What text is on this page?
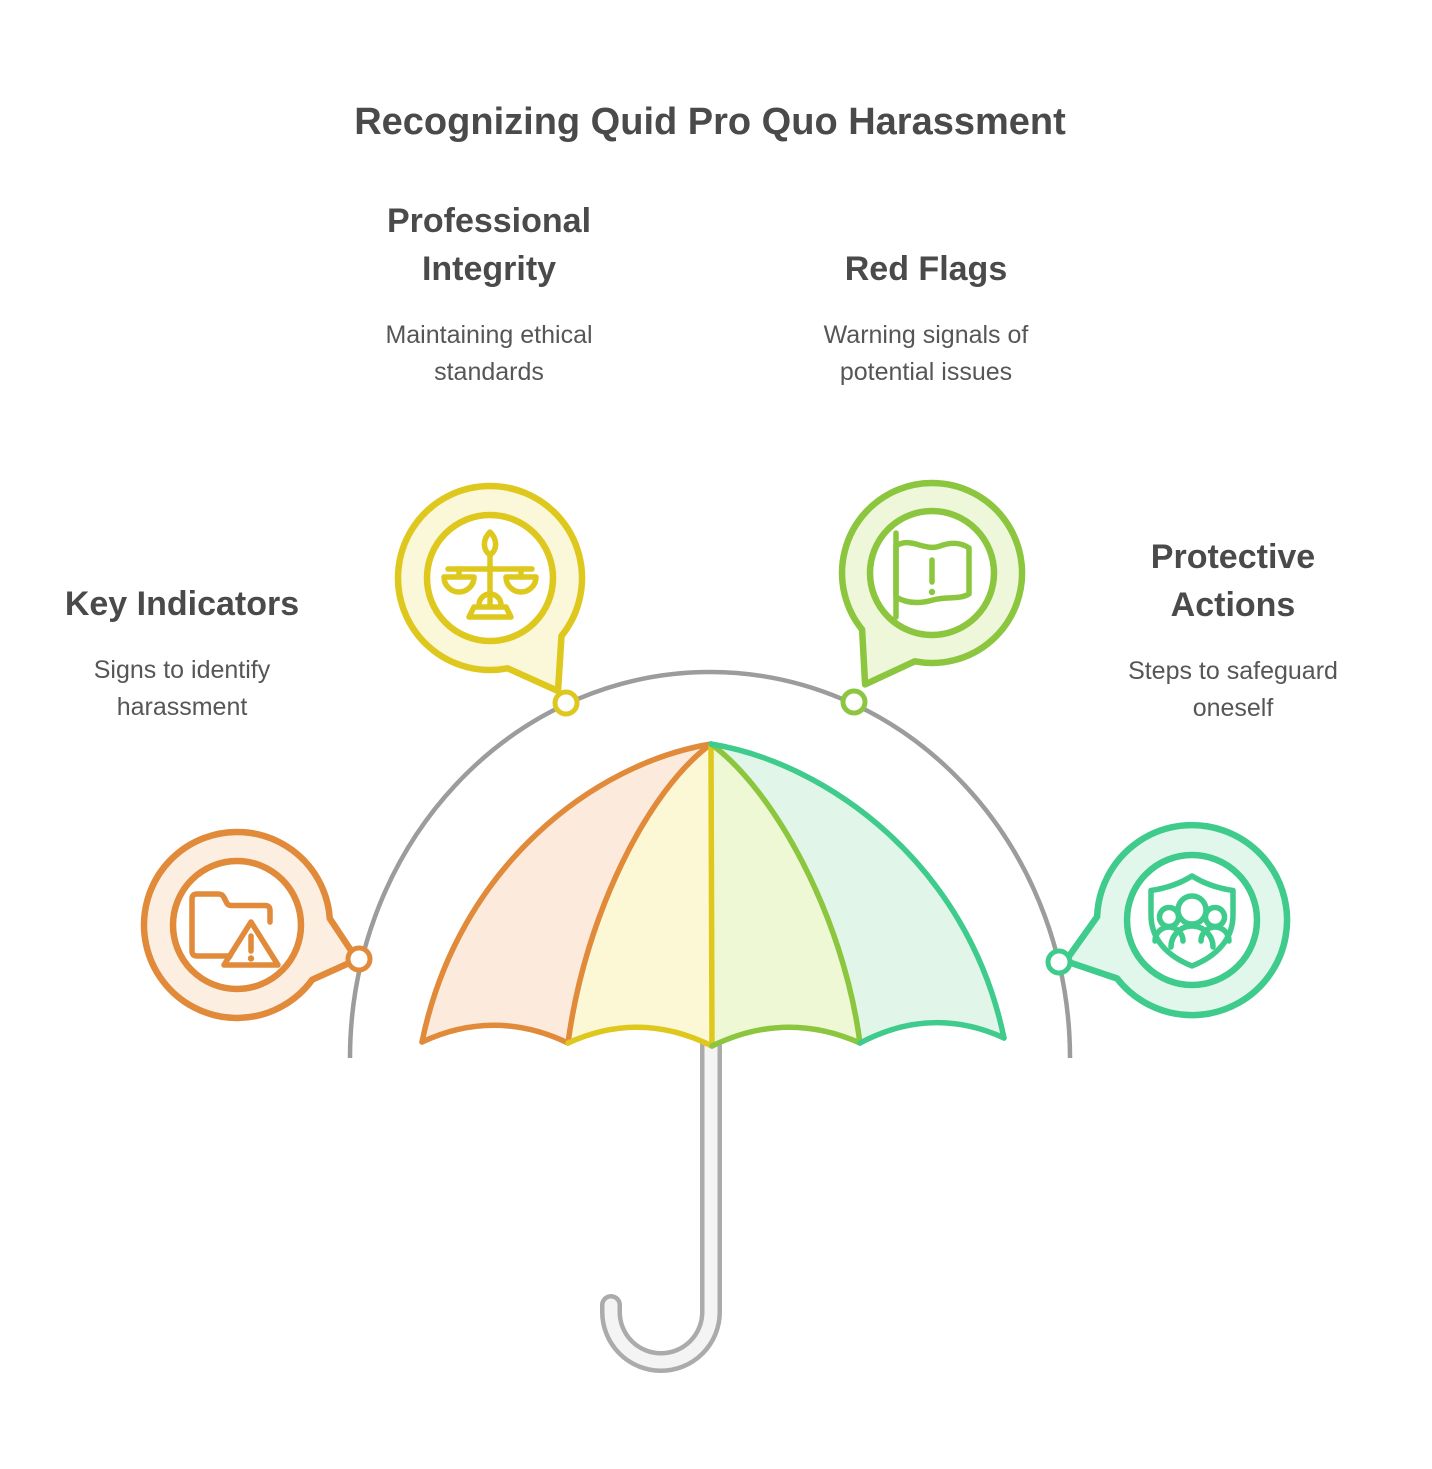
Recognizing Quid Pro Quo Harassment
Professional Integrity

Maintaining ethical standards

Red Flags

Warning signals of potential issues

Key Indicators

Signs to identify harassment

Protective Actions

Steps to safeguard oneself
